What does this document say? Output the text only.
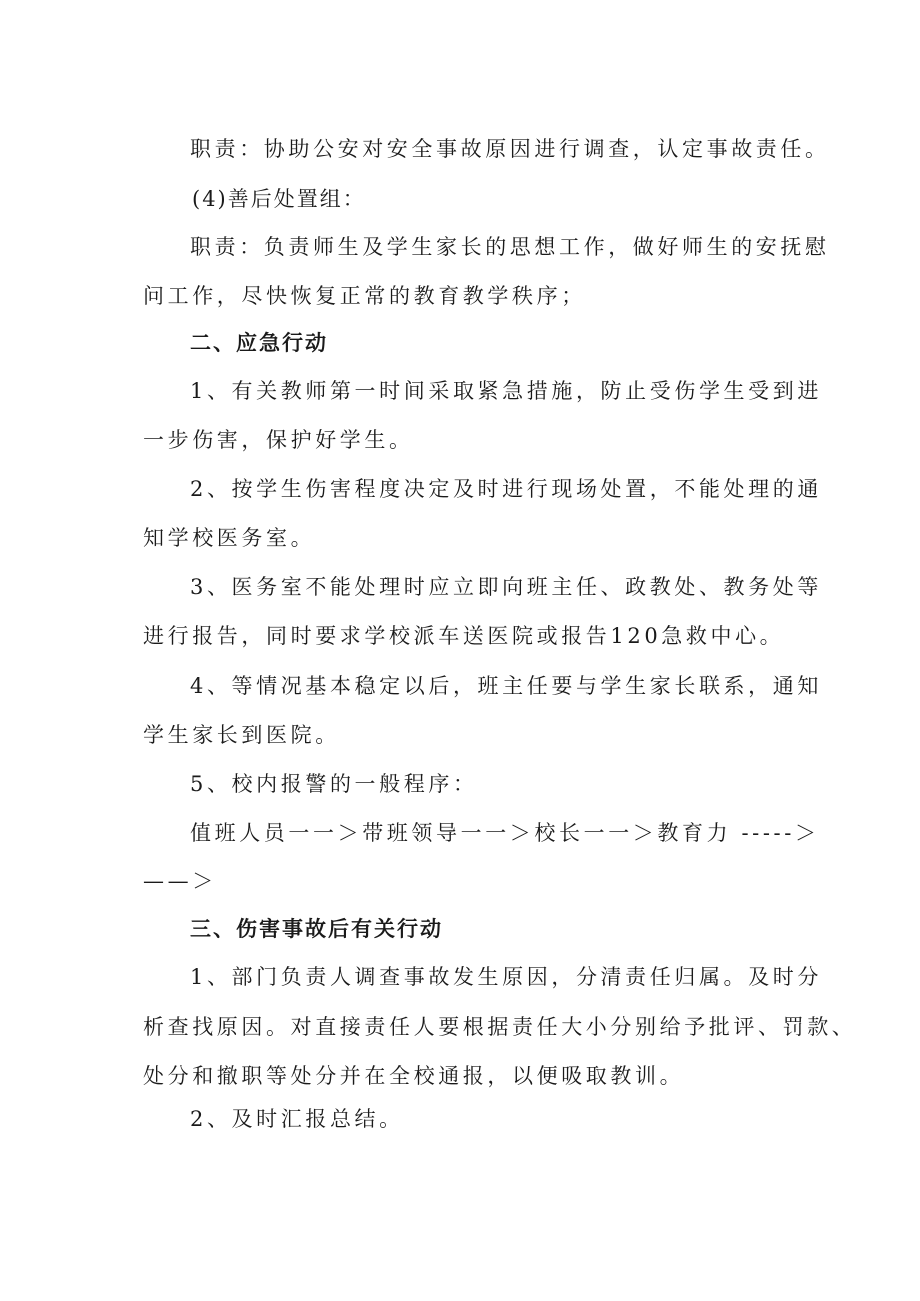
职责：协助公安对安全事故原因进行调查，认定事故责任。
(4)善后处置组：
职责：负责师生及学生家长的思想工作，做好师生的安抚慰
问工作，尽快恢复正常的教育教学秩序；
二、应急行动
1、有关教师第一时间采取紧急措施，防止受伤学生受到进
一步伤害，保护好学生。
2、按学生伤害程度决定及时进行现场处置，不能处理的通
知学校医务室。
3、医务室不能处理时应立即向班主任、政教处、教务处等
进行报告，同时要求学校派车送医院或报告120急救中心。
4、等情况基本稳定以后，班主任要与学生家长联系，通知
学生家长到医院。
5、校内报警的一般程序：
值班人员一一＞带班领导一一＞校长一一＞教育力 -----＞
——＞
三、伤害事故后有关行动
1、部门负责人调查事故发生原因，分清责任归属。及时分
析查找原因。对直接责任人要根据责任大小分别给予批评、罚款、
处分和撤职等处分并在全校通报，以便吸取教训。
2、及时汇报总结。
